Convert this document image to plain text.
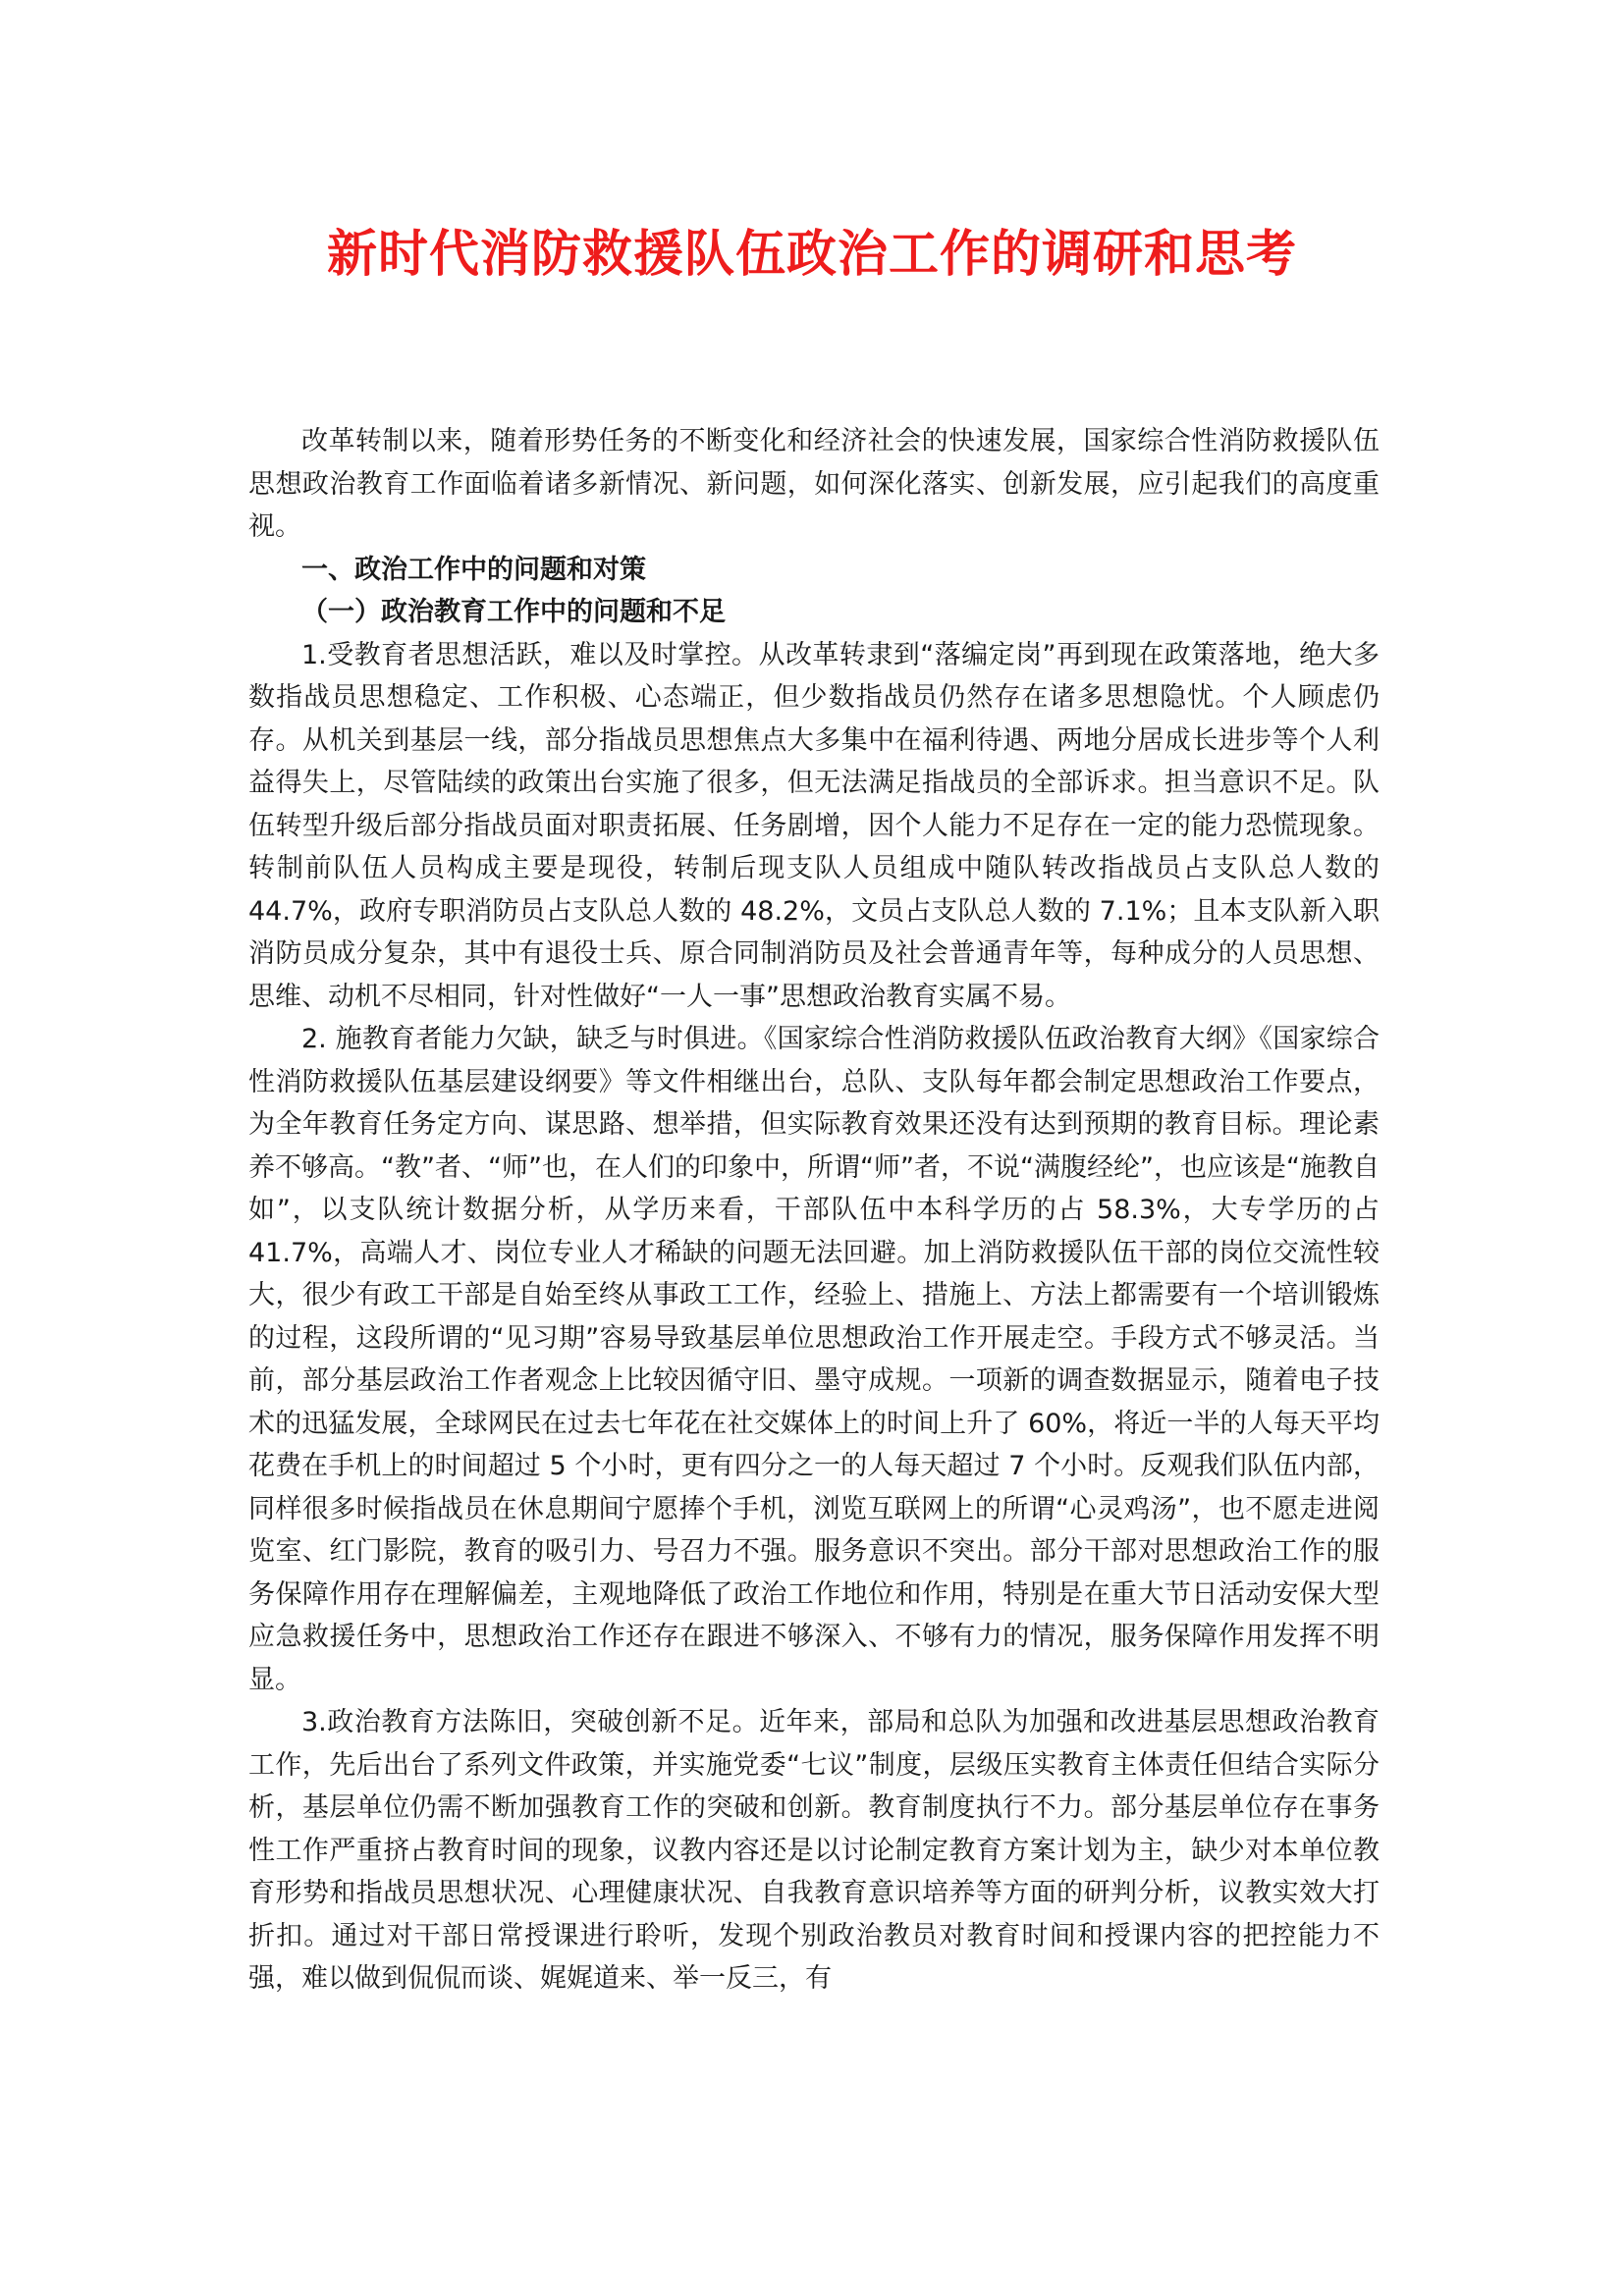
新时代消防救援队伍政治工作的调研和思考

改革转制以来，随着形势任务的不断变化和经济社会的快速发展，国家综合性消防救援队伍思想政治教育工作面临着诸多新情况、新问题，如何深化落实、创新发展，应引起我们的高度重视。

一、政治工作中的问题和对策

（一）政治教育工作中的问题和不足

1.受教育者思想活跃，难以及时掌控。从改革转隶到“落编定岗”再到现在政策落地，绝大多数指战员思想稳定、工作积极、心态端正，但少数指战员仍然存在诸多思想隐忧。个人顾虑仍存。从机关到基层一线，部分指战员思想焦点大多集中在福利待遇、两地分居成长进步等个人利益得失上，尽管陆续的政策出台实施了很多，但无法满足指战员的全部诉求。担当意识不足。队伍转型升级后部分指战员面对职责拓展、任务剧增，因个人能力不足存在一定的能力恐慌现象。转制前队伍人员构成主要是现役，转制后现支队人员组成中随队转改指战员占支队总人数的 44.7%，政府专职消防员占支队总人数的 48.2%，文员占支队总人数的 7.1%；且本支队新入职消防员成分复杂，其中有退役士兵、原合同制消防员及社会普通青年等，每种成分的人员思想、思维、动机不尽相同，针对性做好“一人一事”思想政治教育实属不易。

2. 施教育者能力欠缺，缺乏与时俱进。《国家综合性消防救援队伍政治教育大纲》《国家综合性消防救援队伍基层建设纲要》等文件相继出台，总队、支队每年都会制定思想政治工作要点，为全年教育任务定方向、谋思路、想举措，但实际教育效果还没有达到预期的教育目标。理论素养不够高。“教”者、“师”也，在人们的印象中，所谓“师”者，不说“满腹经纶”，也应该是“施教自如”，以支队统计数据分析，从学历来看，干部队伍中本科学历的占 58.3%，大专学历的占 41.7%，高端人才、岗位专业人才稀缺的问题无法回避。加上消防救援队伍干部的岗位交流性较大，很少有政工干部是自始至终从事政工工作，经验上、措施上、方法上都需要有一个培训锻炼的过程，这段所谓的“见习期”容易导致基层单位思想政治工作开展走空。手段方式不够灵活。当前，部分基层政治工作者观念上比较因循守旧、墨守成规。一项新的调查数据显示，随着电子技术的迅猛发展，全球网民在过去七年花在社交媒体上的时间上升了 60%，将近一半的人每天平均花费在手机上的时间超过 5 个小时，更有四分之一的人每天超过 7 个小时。反观我们队伍内部，同样很多时候指战员在休息期间宁愿捧个手机，浏览互联网上的所谓“心灵鸡汤”，也不愿走进阅览室、红门影院，教育的吸引力、号召力不强。服务意识不突出。部分干部对思想政治工作的服务保障作用存在理解偏差，主观地降低了政治工作地位和作用，特别是在重大节日活动安保大型应急救援任务中，思想政治工作还存在跟进不够深入、不够有力的情况，服务保障作用发挥不明显。

3.政治教育方法陈旧，突破创新不足。近年来，部局和总队为加强和改进基层思想政治教育工作，先后出台了系列文件政策，并实施党委“七议”制度，层级压实教育主体责任但结合实际分析，基层单位仍需不断加强教育工作的突破和创新。教育制度执行不力。部分基层单位存在事务性工作严重挤占教育时间的现象，议教内容还是以讨论制定教育方案计划为主，缺少对本单位教育形势和指战员思想状况、心理健康状况、自我教育意识培养等方面的研判分析，议教实效大打折扣。通过对干部日常授课进行聆听，发现个别政治教员对教育时间和授课内容的把控能力不强，难以做到侃侃而谈、娓娓道来、举一反三，有
